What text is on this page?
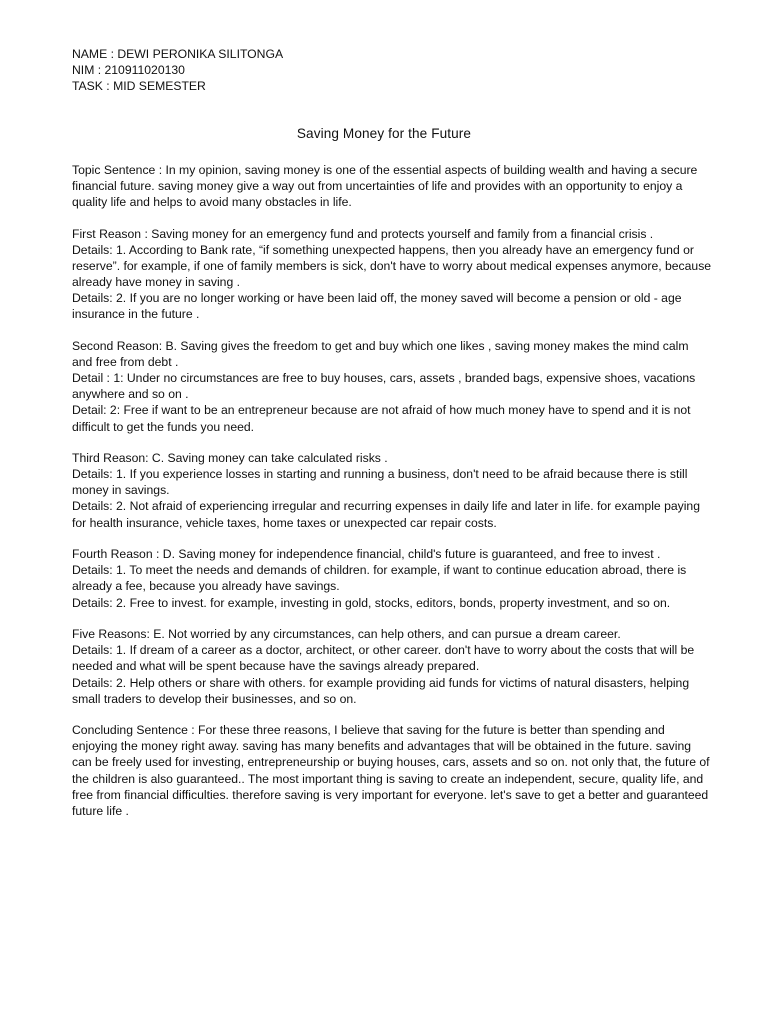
NAME : DEWI PERONIKA SILITONGA
NIM : 210911020130
TASK : MID SEMESTER
Saving Money for the Future

Topic Sentence : In my opinion, saving money is one of the essential aspects of building wealth and having a secure financial future. saving money give a way out from uncertainties of life and provides with an opportunity to enjoy a quality life and helps to avoid many obstacles in life.

First Reason : Saving money for an emergency fund and protects yourself and family from a financial crisis .

Details: 1. According to Bank rate, “if something unexpected happens, then you already have an emergency fund or reserve”. for example, if one of family members is sick, don't have to worry about medical expenses anymore, because already have money in saving .

Details: 2. If you are no longer working or have been laid off, the money saved will become a pension or old - age insurance in the future .

Second Reason: B. Saving gives the freedom to get and buy which one likes , saving money makes the mind calm and free from debt .

Detail : 1: Under no circumstances are free to buy houses, cars, assets , branded bags, expensive shoes, vacations anywhere and so on .

Detail: 2: Free if want to be an entrepreneur because are not afraid of how much money have to spend and it is not difficult to get the funds you need.

Third Reason: C. Saving money can take calculated risks .

Details: 1. If you experience losses in starting and running a business, don't need to be afraid because there is still money in savings.

Details: 2. Not afraid of experiencing irregular and recurring expenses in daily life and later in life. for example paying for health insurance, vehicle taxes, home taxes or unexpected car repair costs.

Fourth Reason : D. Saving money for independence financial, child's future is guaranteed, and free to invest .

Details: 1. To meet the needs and demands of children. for example, if want to continue education abroad, there is already a fee, because you already have savings.

Details: 2. Free to invest. for example, investing in gold, stocks, editors, bonds, property investment, and so on.

Five Reasons: E. Not worried by any circumstances, can help others, and can pursue a dream career.

Details: 1. If dream of a career as a doctor, architect, or other career. don't have to worry about the costs that will be needed and what will be spent because have the savings already prepared.

Details: 2. Help others or share with others. for example providing aid funds for victims of natural disasters, helping small traders to develop their businesses, and so on.

Concluding Sentence : For these three reasons, I believe that saving for the future is better than spending and enjoying the money right away. saving has many benefits and advantages that will be obtained in the future. saving can be freely used for investing, entrepreneurship or buying houses, cars, assets and so on. not only that, the future of the children is also guaranteed.. The most important thing is saving to create an independent, secure, quality life, and free from financial difficulties. therefore saving is very important for everyone. let's save to get a better and guaranteed future life .
